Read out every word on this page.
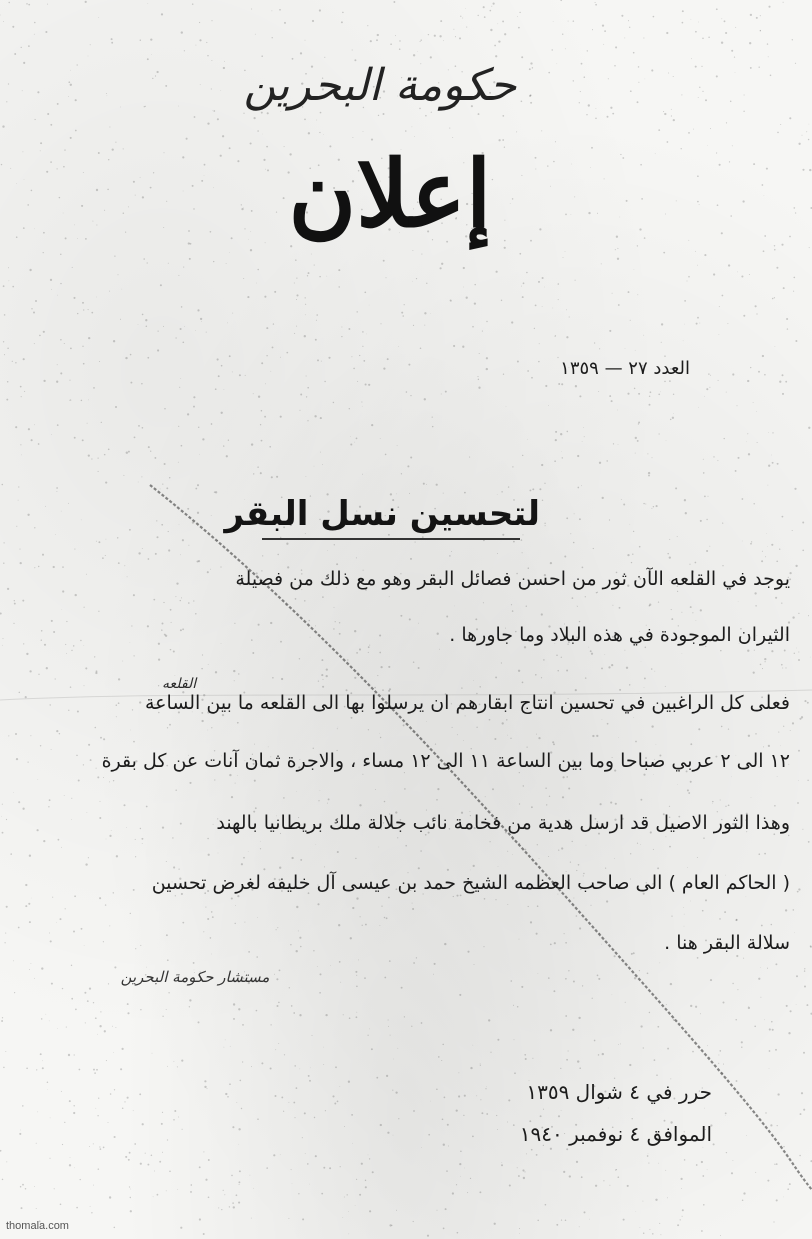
حكومة البحرين
إعلان
العدد ٢٧ — ١٣٥٩
لتحسين نسل البقر
يوجد في القلعه الآن ثور من احسن فصائل البقر وهو مع ذلك من فصيلة
الثيران الموجودة في هذه البلاد وما جاورها .
القلعه
فعلى كل الراغبين في تحسين انتاج ابقارهم ان يرسلوا بها الى القلعه ما بين الساعة
١٢ الى ٢ عربي صباحا وما بين الساعة ١١ الى ١٢ مساء ، والاجرة ثمان آنات عن كل بقرة
وهذا الثور الاصيل قد ارسل هدية من فخامة نائب جلالة ملك بريطانيا بالهند
( الحاكم العام ) الى صاحب العظمه الشيخ حمد بن عيسى آل خليفه لغرض تحسين
سلالة البقر هنا .
مستشار حكومة البحرين
حرر في ٤ شوال ١٣٥٩
الموافق ٤ نوفمبر ١٩٤٠
thomala.com
